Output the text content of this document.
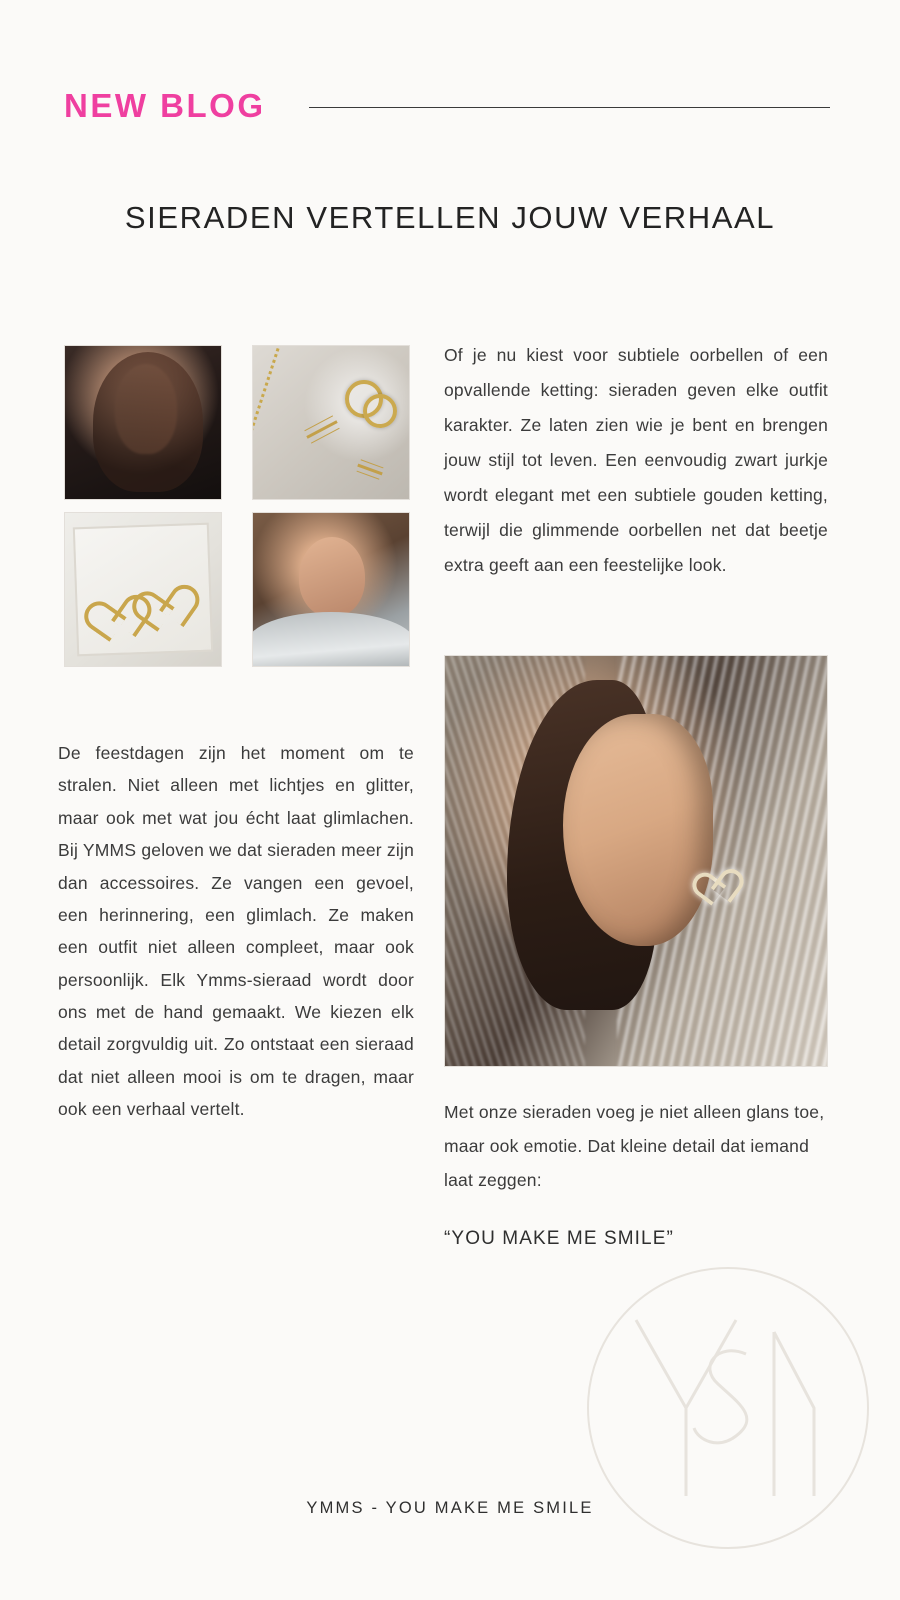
NEW BLOG
SIERADEN VERTELLEN JOUW VERHAAL
Of je nu kiest voor subtiele oorbellen of een opvallende ketting: sieraden geven elke outfit karakter. Ze laten zien wie je bent en brengen jouw stijl tot leven. Een eenvoudig zwart jurkje wordt elegant met een subtiele gouden ketting, terwijl die glimmende oorbellen net dat beetje extra geeft aan een feestelijke look.
De feestdagen zijn het moment om te stralen. Niet alleen met lichtjes en glitter, maar ook met wat jou écht laat glimlachen. Bij YMMS geloven we dat sieraden meer zijn dan accessoires. Ze vangen een gevoel, een herinnering, een glimlach. Ze maken een outfit niet alleen compleet, maar ook persoonlijk. Elk Ymms-sieraad wordt door ons met de hand gemaakt. We kiezen elk detail zorgvuldig uit. Zo ontstaat een sieraad dat niet alleen mooi is om te dragen, maar ook een verhaal vertelt.	Met onze sieraden voeg je niet alleen glans toe, maar ook emotie. Dat kleine detail dat iemand laat zeggen:
“YOU MAKE ME SMILE”
YMMS - YOU MAKE ME SMILE
